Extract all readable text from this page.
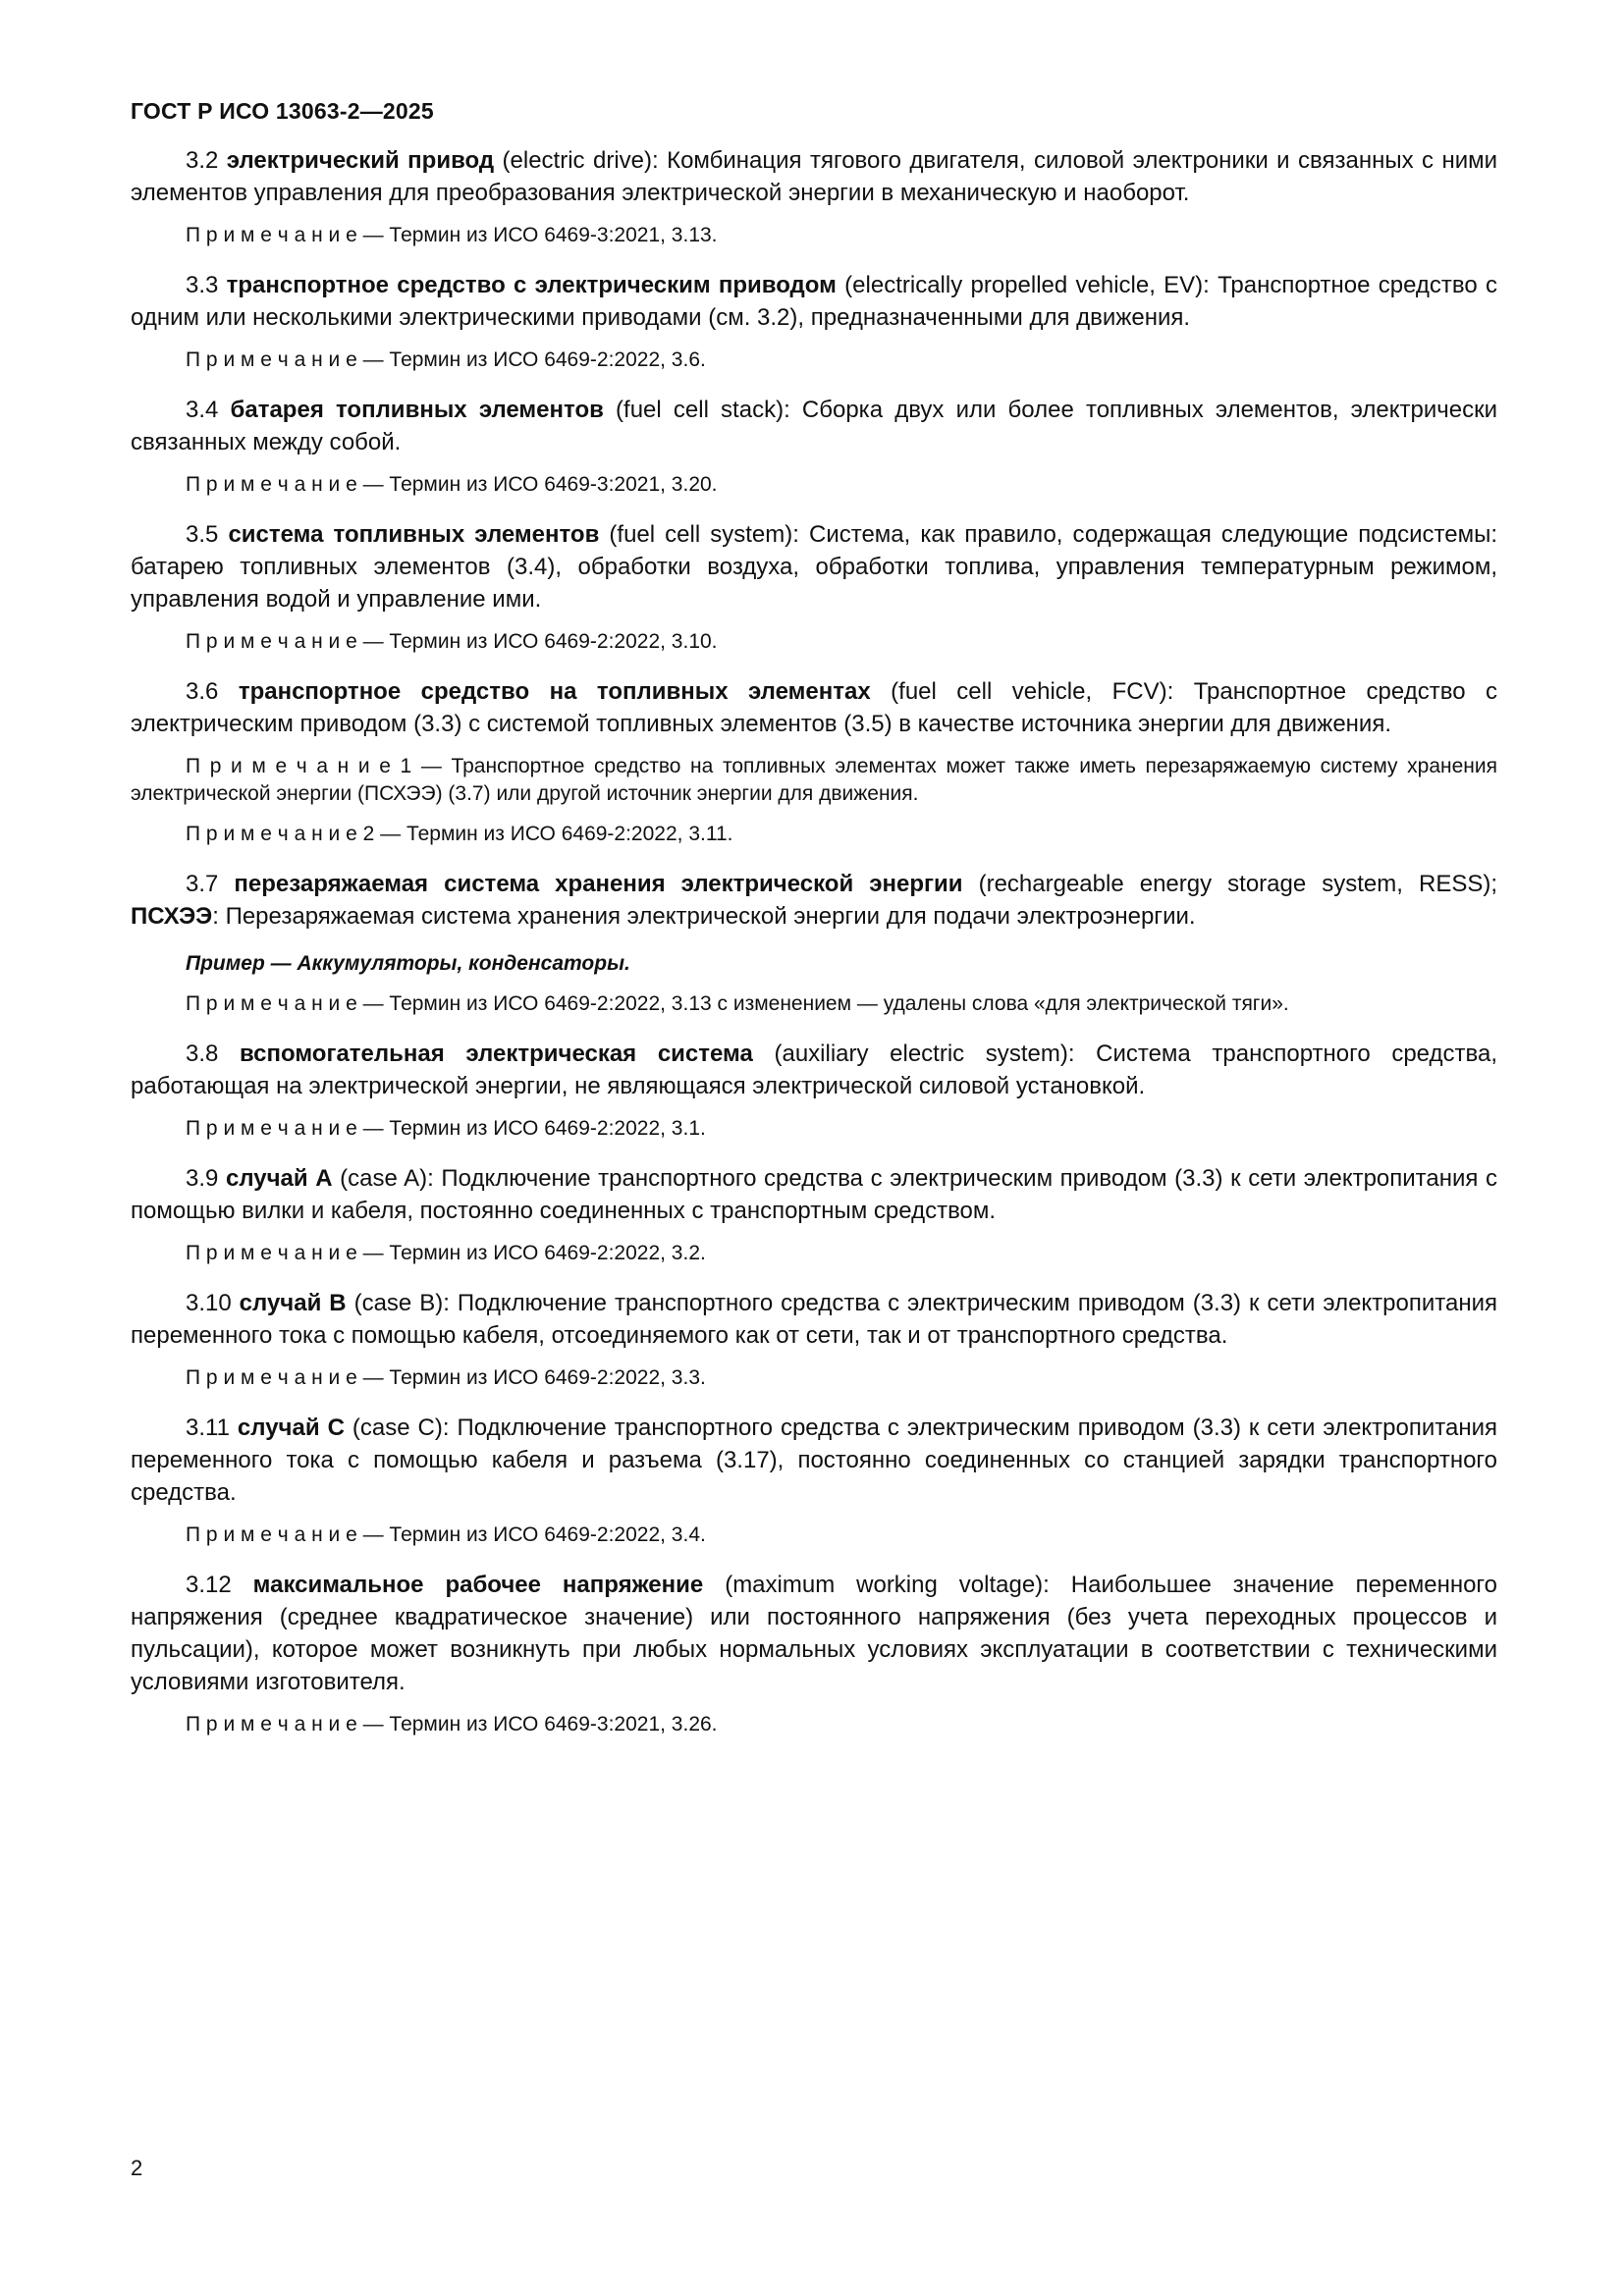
ГОСТ Р ИСО 13063-2—2025

3.2 электрический привод (electric drive): Комбинация тягового двигателя, силовой электроники и связанных с ними элементов управления для преобразования электрической энергии в механическую и наоборот.

П р и м е ч а н и е — Термин из ИСО 6469-3:2021, 3.13.

3.3 транспортное средство с электрическим приводом (electrically propelled vehicle, EV): Транспортное средство с одним или несколькими электрическими приводами (см. 3.2), предназначенными для движения.

П р и м е ч а н и е — Термин из ИСО 6469-2:2022, 3.6.

3.4 батарея топливных элементов (fuel cell stack): Сборка двух или более топливных элементов, электрически связанных между собой.

П р и м е ч а н и е — Термин из ИСО 6469-3:2021, 3.20.

3.5 система топливных элементов (fuel cell system): Система, как правило, содержащая следующие подсистемы: батарею топливных элементов (3.4), обработки воздуха, обработки топлива, управления температурным режимом, управления водой и управление ими.

П р и м е ч а н и е — Термин из ИСО 6469-2:2022, 3.10.

3.6 транспортное средство на топливных элементах (fuel cell vehicle, FCV): Транспортное средство с электрическим приводом (3.3) с системой топливных элементов (3.5) в качестве источника энергии для движения.

П р и м е ч а н и е 1 — Транспортное средство на топливных элементах может также иметь перезаряжаемую систему хранения электрической энергии (ПСХЭЭ) (3.7) или другой источник энергии для движения.

П р и м е ч а н и е 2 — Термин из ИСО 6469-2:2022, 3.11.

3.7 перезаряжаемая система хранения электрической энергии (rechargeable energy storage system, RESS); ПСХЭЭ: Перезаряжаемая система хранения электрической энергии для подачи электроэнергии.

Пример — Аккумуляторы, конденсаторы.

П р и м е ч а н и е — Термин из ИСО 6469-2:2022, 3.13 с изменением — удалены слова «для электрической тяги».

3.8 вспомогательная электрическая система (auxiliary electric system): Система транспортного средства, работающая на электрической энергии, не являющаяся электрической силовой установкой.

П р и м е ч а н и е — Термин из ИСО 6469-2:2022, 3.1.

3.9 случай А (case A): Подключение транспортного средства с электрическим приводом (3.3) к сети электропитания с помощью вилки и кабеля, постоянно соединенных с транспортным средством.

П р и м е ч а н и е — Термин из ИСО 6469-2:2022, 3.2.

3.10 случай В (case B): Подключение транспортного средства с электрическим приводом (3.3) к сети электропитания переменного тока с помощью кабеля, отсоединяемого как от сети, так и от транспортного средства.

П р и м е ч а н и е — Термин из ИСО 6469-2:2022, 3.3.

3.11 случай С (case C): Подключение транспортного средства с электрическим приводом (3.3) к сети электропитания переменного тока с помощью кабеля и разъема (3.17), постоянно соединенных со станцией зарядки транспортного средства.

П р и м е ч а н и е — Термин из ИСО 6469-2:2022, 3.4.

3.12 максимальное рабочее напряжение (maximum working voltage): Наибольшее значение переменного напряжения (среднее квадратическое значение) или постоянного напряжения (без учета переходных процессов и пульсации), которое может возникнуть при любых нормальных условиях эксплуатации в соответствии с техническими условиями изготовителя.

П р и м е ч а н и е — Термин из ИСО 6469-3:2021, 3.26.

2
